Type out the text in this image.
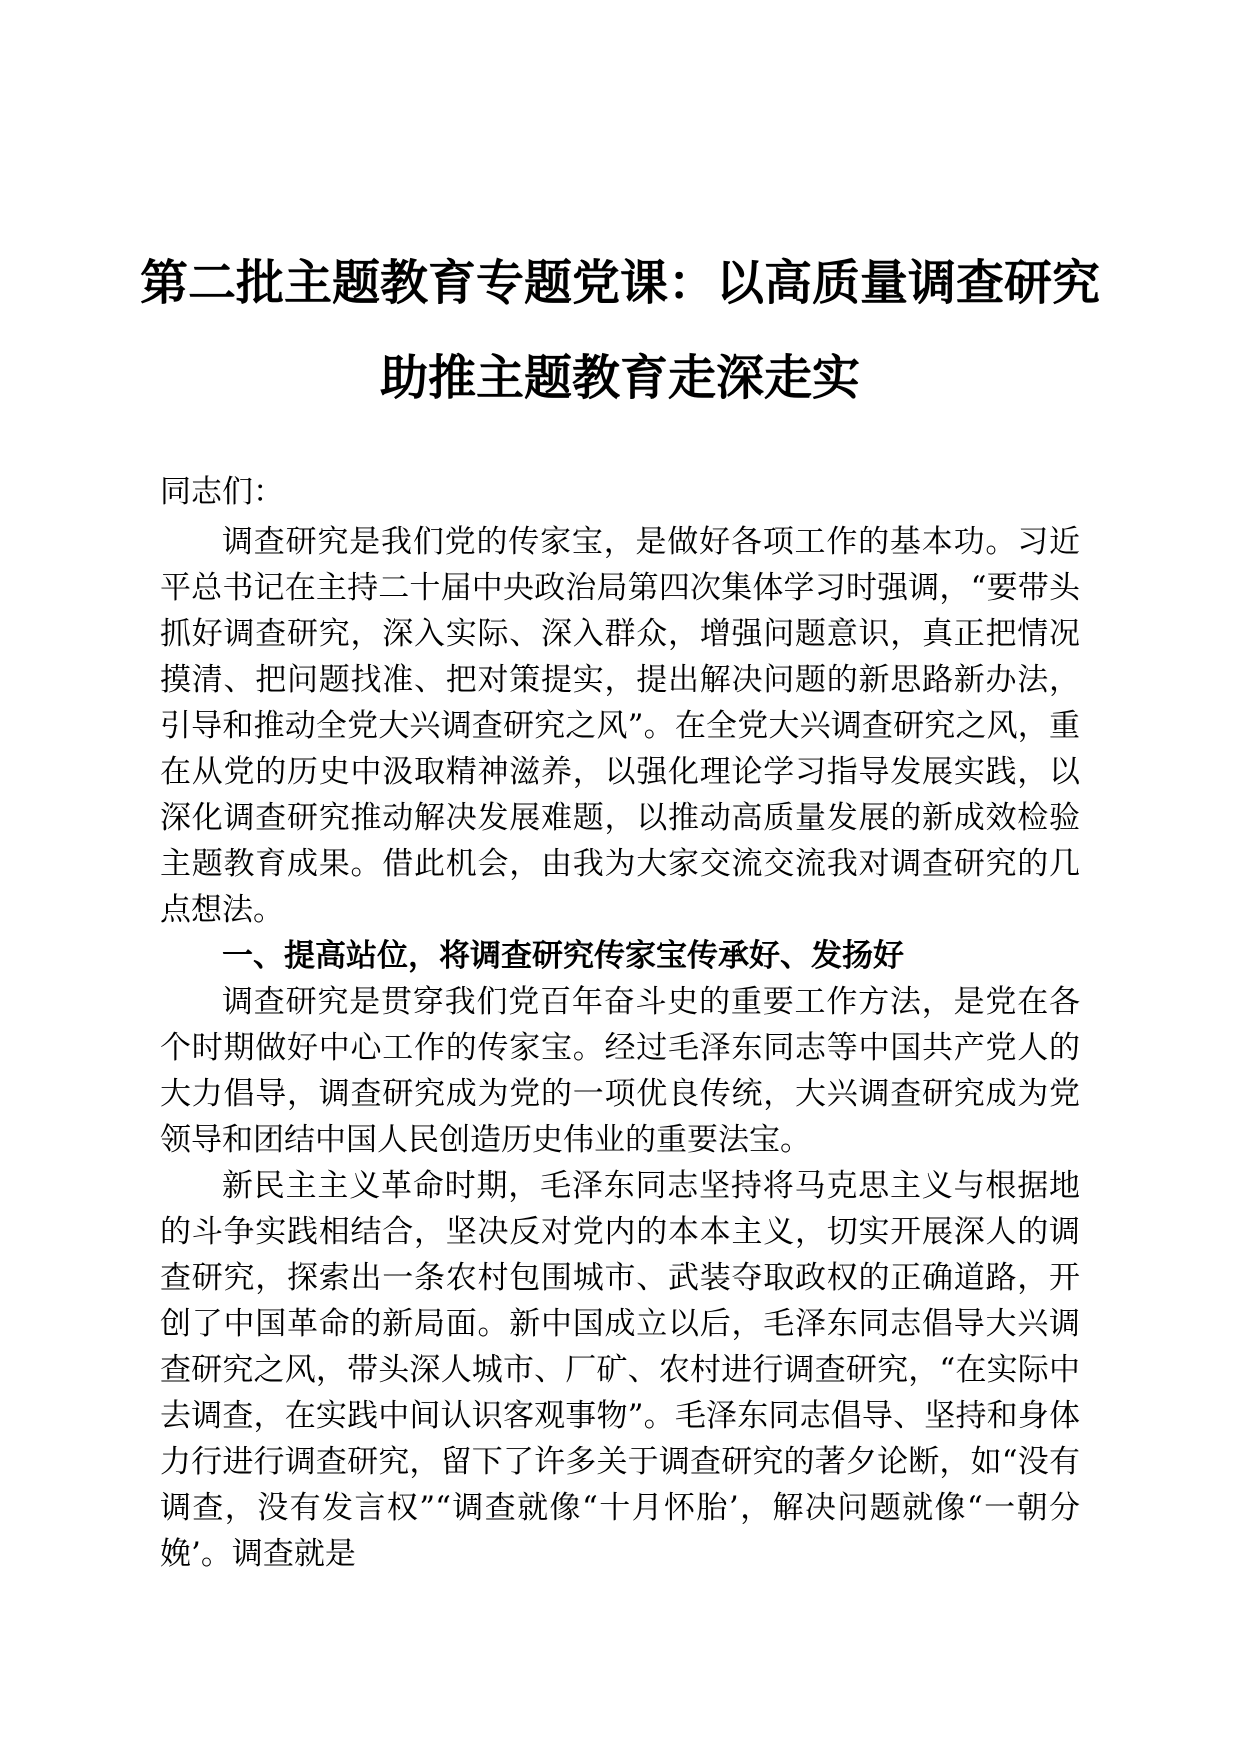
第二批主题教育专题党课：以高质量调查研究
助推主题教育走深走实
同志们：

调查研究是我们党的传家宝，是做好各项工作的基本功。习近平总书记在主持二十届中央政治局第四次集体学习时强调，“要带头抓好调查研究，深入实际、深入群众，增强问题意识，真正把情况摸清、把问题找准、把对策提实，提出解决问题的新思路新办法，引导和推动全党大兴调查研究之风”。在全党大兴调查研究之风，重在从党的历史中汲取精神滋养，以强化理论学习指导发展实践，以深化调查研究推动解决发展难题，以推动高质量发展的新成效检验主题教育成果。借此机会，由我为大家交流交流我对调查研究的几点想法。

一、提高站位，将调查研究传家宝传承好、发扬好

调查研究是贯穿我们党百年奋斗史的重要工作方法，是党在各个时期做好中心工作的传家宝。经过毛泽东同志等中国共产党人的大力倡导，调查研究成为党的一项优良传统，大兴调查研究成为党领导和团结中国人民创造历史伟业的重要法宝。

新民主主义革命时期，毛泽东同志坚持将马克思主义与根据地的斗争实践相结合，坚决反对党内的本本主义，切实开展深人的调查研究，探索出一条农村包围城市、武装夺取政权的正确道路，开创了中国革命的新局面。新中国成立以后，毛泽东同志倡导大兴调查研究之风，带头深人城市、厂矿、农村进行调查研究，“在实际中去调查，在实践中间认识客观事物”。毛泽东同志倡导、坚持和身体力行进行调查研究，留下了许多关于调查研究的著夕论断，如“没有调查，没有发言权”“调查就像“十月怀胎’，解决问题就像“一朝分娩’。调查就是
